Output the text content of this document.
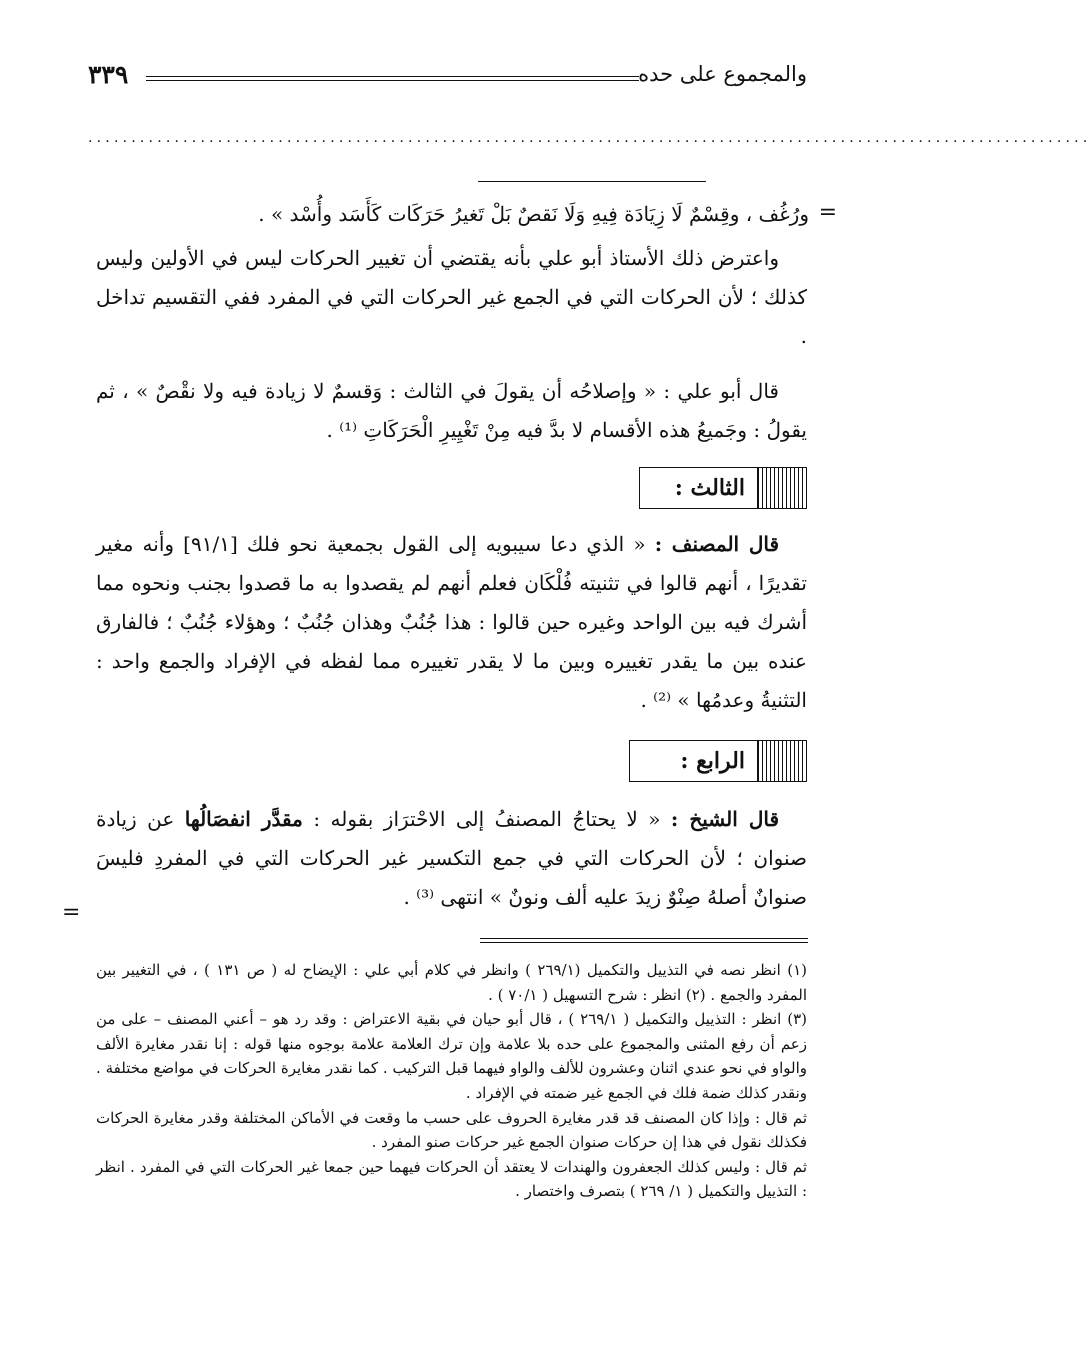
٣٣٩	والمجموع على حده
....................................................................................................................
=

ورُغُف ، وقِسْمٌ لَا زِيَادَة فِيهِ وَلَا نَقصٌ بَلْ تَغيرُ حَرَكَات كَأَسَد وأُسْد » .

واعترض ذلك الأستاذ أبو علي بأنه يقتضي أن تغيير الحركات ليس في الأولين وليس كذلك ؛ لأن الحركات التي في الجمع غير الحركات التي في المفرد ففي التقسيم تداخل .

قال أبو علي : « وإصلاحُه أن يقولَ في الثالث : وَقسمٌ لا زيادة فيه ولا نقْصٌ » ، ثم يقولُ : وجَميعُ هذه الأقسام لا بدَّ فيه مِنْ تَغْيِيرِ الْحَرَكَاتِ ⁽¹⁾ .

الثالث :

قال المصنف : « الذي دعا سيبويه إلى القول بجمعية نحو فلك [٩١/١] وأنه مغير تقديرًا ، أنهم قالوا في تثنيته فُلْكَان فعلم أنهم لم يقصدوا به ما قصدوا بجنب ونحوه مما أشرك فيه بين الواحد وغيره حين قالوا : هذا جُنُبٌ وهذان جُنُبٌ ؛ وهؤلاء جُنُبٌ ؛ فالفارق عنده بين ما يقدر تغييره وبين ما لا يقدر تغييره مما لفظه في الإفراد والجمع واحد : التثنيةُ وعدمُها » ⁽²⁾ .

الرابع :

قال الشيخ : « لا يحتاجُ المصنفُ إلى الاحْترَاز بقوله : مقدَّر انفصَالُها عن زيادة صنوان ؛ لأن الحركات التي في جمع التكسير غير الحركات التي في المفردِ فليسَ صنوانٌ أصلهُ صِنْوٌ زيدَ عليه ألف ونونٌ » انتهى ⁽³⁾ .

=

(١) انظر نصه في التذييل والتكميل (٢٦٩/١ ) وانظر في كلام أبي علي : الإيضاح له ( ص ١٣١ ) ، في التغيير بين المفرد والجمع . (٢) انظر : شرح التسهيل ( ٧٠/١ ) .

(٣) انظر : التذييل والتكميل ( ٢٦٩/١ ) ، قال أبو حيان في بقية الاعتراض : وقد رد هو – أعني المصنف – على من زعم أن رفع المثنى والمجموع على حده بلا علامة وإن ترك العلامة علامة بوجوه منها قوله : إنا نقدر مغايرة الألف والواو في نحو عندي اثنان وعشرون للألف والواو فيهما قبل التركيب . كما نقدر مغايرة الحركات في مواضع مختلفة . ونقدر كذلك ضمة فلك في الجمع غير ضمته في الإفراد .

ثم قال : وإذا كان المصنف قد قدر مغايرة الحروف على حسب ما وقعت في الأماكن المختلفة وقدر مغايرة الحركات فكذلك نقول في هذا إن حركات صنوان الجمع غير حركات صنو المفرد .

ثم قال : وليس كذلك الجعفرون والهندات لا يعتقد أن الحركات فيهما حين جمعا غير الحركات التي في المفرد . انظر : التذييل والتكميل ( ١/ ٢٦٩ ) بتصرف واختصار .
